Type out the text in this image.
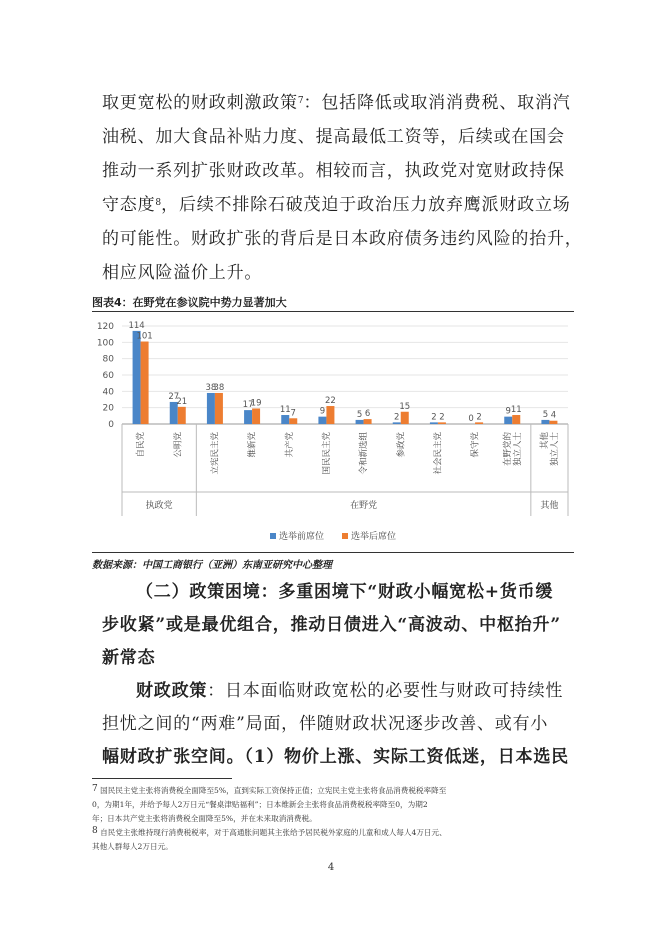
取更宽松的财政刺激政策$^7$：包括降低或取消消费税、取消汽
油税、加大食品补贴力度、提高最低工资等，后续或在国会
推动一系列扩张财政改革。相较而言，执政党对宽财政持保
守态度$^8$，后续不排除石破茂迫于政治压力放弃鹰派财政立场
的可能性。财政扩张的背后是日本政府债务违约风险的抬升，
相应风险溢价上升。
图表4：在野党在参议院中势力显著加大
0
20
40
60
80
100
120 114
101
27
21
38
38
17
19
11 7	9
22
5 6	2
15
2 2	0 2
9 11 5 4
自民党	公明党	立宪民主党	维新党	共产党	国民民主党	令和新选组	参政党	社会民主党	保守党	在野党的 独立人士 其他 独立人士
执政党	在野党	其他
选举前席位	选举后席位
数据来源：中国工商银行（亚洲）东南亚研究中心整理
（二）政策困境：多重困境下“财政小幅宽松+货币缓
步收紧”或是最优组合，推动日债进入“高波动、中枢抬升”
新常态
财政政策：日本面临财政宽松的必要性与财政可持续性
担忧之间的“两难”局面，伴随财政状况逐步改善、或有小
幅财政扩张空间。（1）物价上涨、实际工资低迷，日本选民
$^7$ 国民民主党主张将消费税全面降至5%，直到实际工资保持正值；立宪民主党主张将食品消费税税率降至
0，为期1年，并给予每人2万日元“餐桌津贴福利”；日本维新会主张将食品消费税税率降至0，为期2
年；日本共产党主张将消费税全面降至5%，并在未来取消消费税。
$^8$ 自民党主张维持现行消费税税率，对于高通胀问题其主张给予居民税外家庭的儿童和成人每人4万日元、
其他人群每人2万日元。
4
